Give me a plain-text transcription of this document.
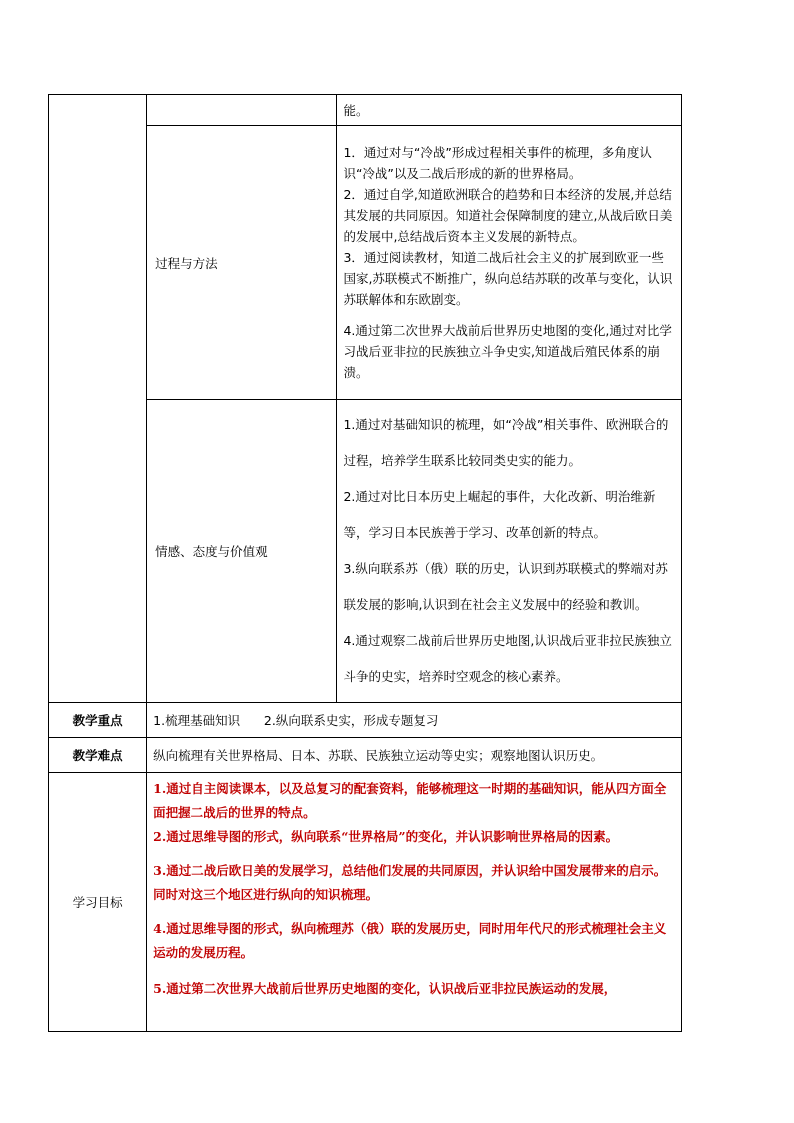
		能。
	过程与方法	1．通过对与“冷战”形成过程相关事件的梳理，多角度认识“冷战”以及二战后形成的新的世界格局。

2．通过自学,知道欧洲联合的趋势和日本经济的发展,并总结其发展的共同原因。知道社会保障制度的建立,从战后欧日美的发展中,总结战后资本主义发展的新特点。

3．通过阅读教材，知道二战后社会主义的扩展到欧亚一些国家,苏联模式不断推广，纵向总结苏联的改革与变化，认识苏联解体和东欧剧变。

4.通过第二次世界大战前后世界历史地图的变化,通过对比学习战后亚非拉的民族独立斗争史实,知道战后殖民体系的崩溃。

	情感、态度与价值观	1.通过对基础知识的梳理，如“冷战”相关事件、欧洲联合的过程，培养学生联系比较同类史实的能力。

2.通过对比日本历史上崛起的事件，大化改新、明治维新等，学习日本民族善于学习、改革创新的特点。

3.纵向联系苏（俄）联的历史，认识到苏联模式的弊端对苏联发展的影响,认识到在社会主义发展中的经验和教训。

4.通过观察二战前后世界历史地图,认识战后亚非拉民族独立斗争的史实，培养时空观念的核心素养。

教学重点	1.梳理基础知识      2.纵向联系史实，形成专题复习	
教学难点	纵向梳理有关世界格局、日本、苏联、民族独立运动等史实；观察地图认识历史。	
学习目标	1.通过自主阅读课本，以及总复习的配套资料，能够梳理这一时期的基础知识，能从四方面全面把握二战后的世界的特点。

2.通过思维导图的形式，纵向联系“世界格局”的变化，并认识影响世界格局的因素。

3.通过二战后欧日美的发展学习，总结他们发展的共同原因，并认识给中国发展带来的启示。同时对这三个地区进行纵向的知识梳理。

4.通过思维导图的形式，纵向梳理苏（俄）联的发展历史，同时用年代尺的形式梳理社会主义运动的发展历程。

5.通过第二次世界大战前后世界历史地图的变化，认识战后亚非拉民族运动的发展，	
